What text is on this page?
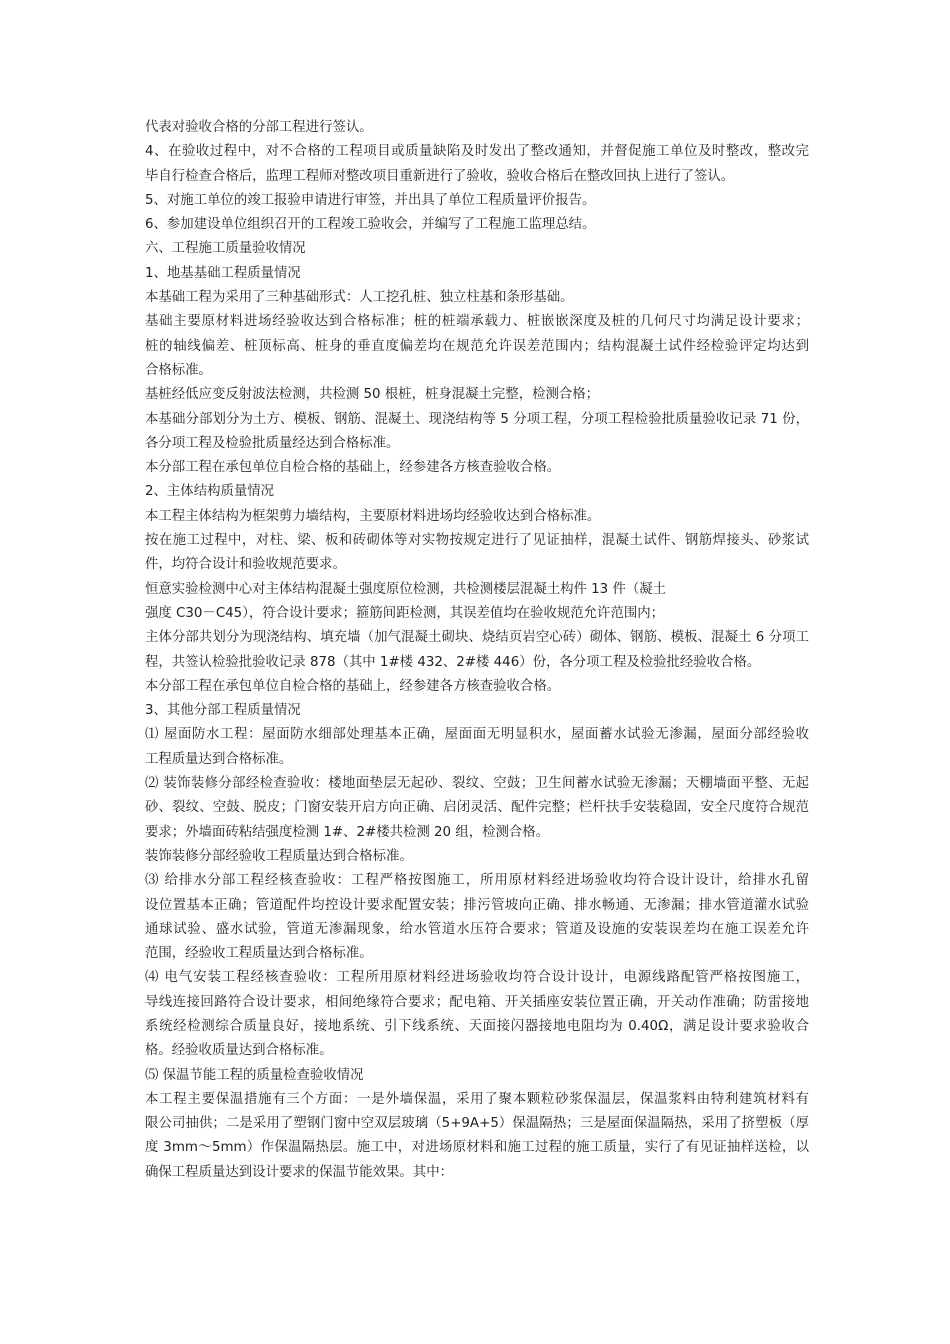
代表对验收合格的分部工程进行签认。
4、在验收过程中，对不合格的工程项目或质量缺陷及时发出了整改通知，并督促施工单位及时整改，整改完
毕自行检查合格后，监理工程师对整改项目重新进行了验收，验收合格后在整改回执上进行了签认。
5、对施工单位的竣工报验申请进行审签，并出具了单位工程质量评价报告。
6、参加建设单位组织召开的工程竣工验收会，并编写了工程施工监理总结。
六、工程施工质量验收情况
1、地基基础工程质量情况
本基础工程为采用了三种基础形式：人工挖孔桩、独立柱基和条形基础。
基础主要原材料进场经验收达到合格标准；桩的桩端承载力、桩嵌嵌深度及桩的几何尺寸均满足设计要求；
桩的轴线偏差、桩顶标高、桩身的垂直度偏差均在规范允许误差范围内；结构混凝土试件经检验评定均达到
合格标准。
基桩经低应变反射波法检测，共检测 50 根桩，桩身混凝土完整，检测合格；
本基础分部划分为土方、模板、钢筋、混凝土、现浇结构等 5 分项工程，分项工程检验批质量验收记录 71 份，
各分项工程及检验批质量经达到合格标准。
本分部工程在承包单位自检合格的基础上，经参建各方核查验收合格。
2、主体结构质量情况
本工程主体结构为框架剪力墙结构，主要原材料进场均经验收达到合格标准。
按在施工过程中，对柱、梁、板和砖砌体等对实物按规定进行了见证抽样，混凝土试件、钢筋焊接头、砂浆试
件，均符合设计和验收规范要求。
恒意实验检测中心对主体结构混凝土强度原位检测，共检测楼层混凝土构件 13 件（凝土
强度 C30－C45），符合设计要求；箍筋间距检测，其误差值均在验收规范允许范围内；
主体分部共划分为现浇结构、填充墙（加气混凝土砌块、烧结页岩空心砖）砌体、钢筋、模板、混凝土 6 分项工
程，共签认检验批验收记录 878（其中 1#楼 432、2#楼 446）份，各分项工程及检验批经验收合格。
本分部工程在承包单位自检合格的基础上，经参建各方核查验收合格。
3、其他分部工程质量情况
⑴ 屋面防水工程：屋面防水细部处理基本正确，屋面面无明显积水，屋面蓄水试验无渗漏，屋面分部经验收
工程质量达到合格标准。
⑵ 装饰装修分部经检查验收：楼地面垫层无起砂、裂纹、空鼓；卫生间蓄水试验无渗漏；天棚墙面平整、无起
砂、裂纹、空鼓、脱皮；门窗安装开启方向正确、启闭灵活、配件完整；栏杆扶手安装稳固，安全尺度符合规范
要求；外墙面砖粘结强度检测 1#、2#楼共检测 20 组，检测合格。
装饰装修分部经验收工程质量达到合格标准。
⑶ 给排水分部工程经核查验收：工程严格按图施工，所用原材料经进场验收均符合设计设计，给排水孔留
设位置基本正确；管道配件均控设计要求配置安装；排污管坡向正确、排水畅通、无渗漏；排水管道灌水试验
通球试验、盛水试验，管道无渗漏现象，给水管道水压符合要求；管道及设施的安装误差均在施工误差允许
范围，经验收工程质量达到合格标准。
⑷ 电气安装工程经核查验收：工程所用原材料经进场验收均符合设计设计，电源线路配管严格按图施工，
导线连接回路符合设计要求，相间绝缘符合要求；配电箱、开关插座安装位置正确，开关动作准确；防雷接地
系统经检测综合质量良好，接地系统、引下线系统、天面接闪器接地电阻均为 0.40Ω，满足设计要求验收合
格。经验收质量达到合格标准。
⑸ 保温节能工程的质量检查验收情况
本工程主要保温措施有三个方面：一是外墙保温，采用了聚本颗粒砂浆保温层，保温浆料由特利建筑材料有
限公司抽供；二是采用了塑钢门窗中空双层玻璃（5+9A+5）保温隔热；三是屋面保温隔热，采用了挤塑板（厚
度 3mm～5mm）作保温隔热层。施工中，对进场原材料和施工过程的施工质量，实行了有见证抽样送检，以
确保工程质量达到设计要求的保温节能效果。其中：
